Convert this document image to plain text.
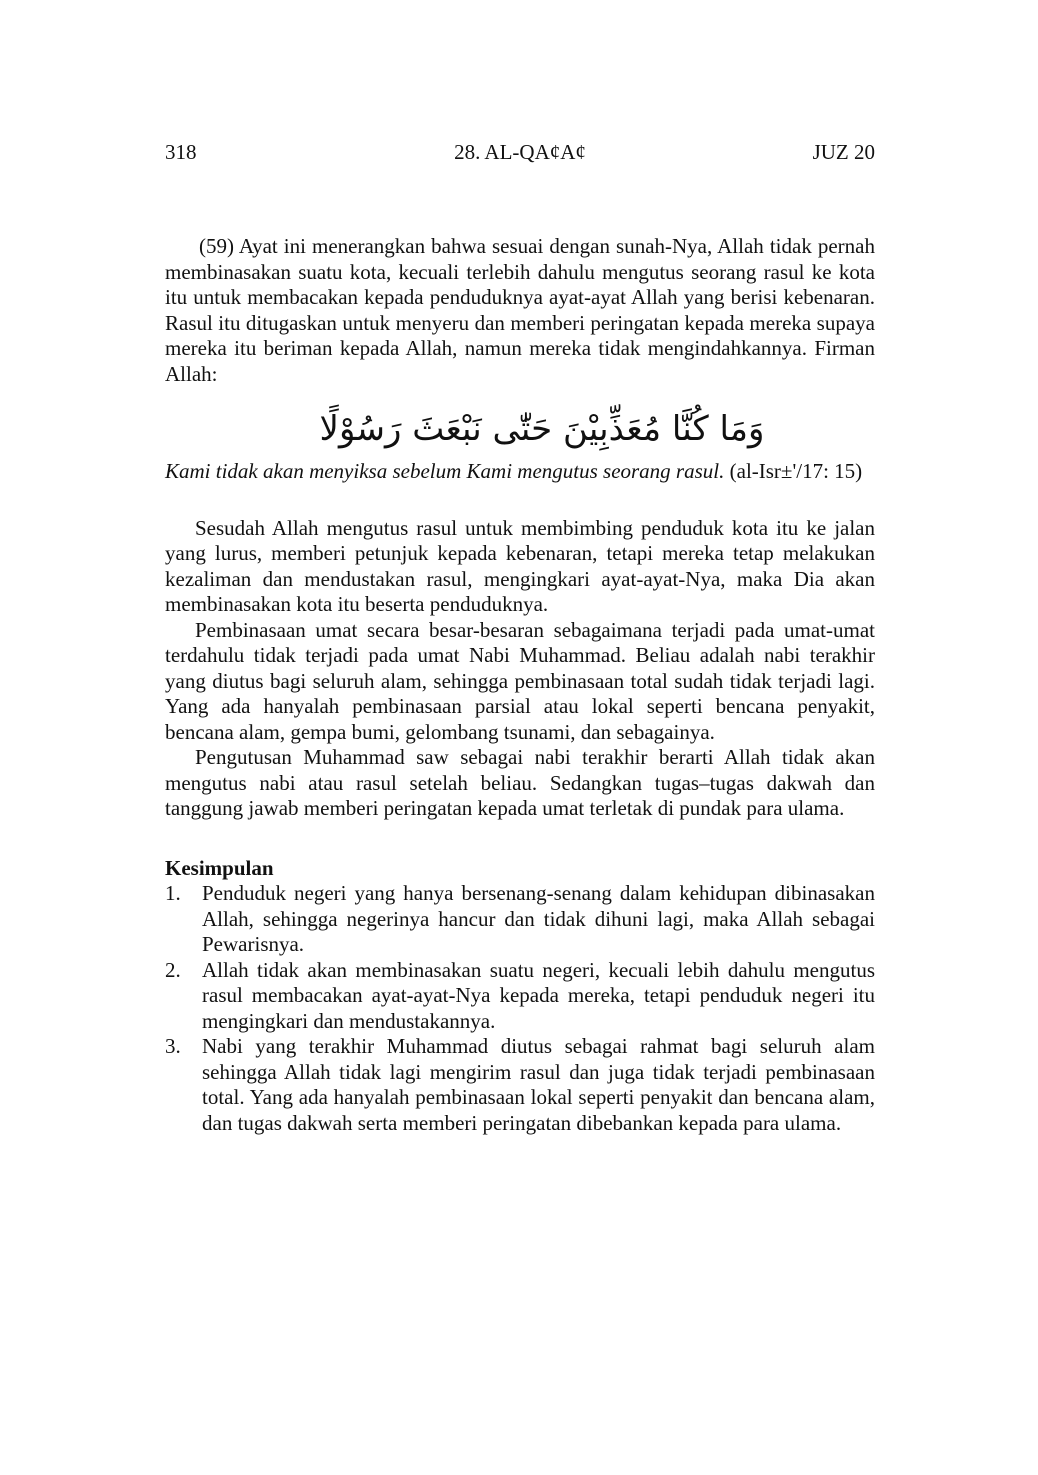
318	28. AL-QA¢A¢	JUZ 20

(59) Ayat ini menerangkan bahwa sesuai dengan sunah-Nya, Allah tidak pernah membinasakan suatu kota, kecuali terlebih dahulu mengutus seorang rasul ke kota itu untuk membacakan kepada penduduknya ayat-ayat Allah yang berisi kebenaran. Rasul itu ditugaskan untuk menyeru dan memberi peringatan kepada mereka supaya mereka itu beriman kepada Allah, namun mereka tidak mengindahkannya. Firman Allah:

وَمَا كُنَّا مُعَذِّبِيْنَ حَتّٰى نَبْعَثَ رَسُوْلًا

Kami tidak akan menyiksa sebelum Kami mengutus seorang rasul. (al-Isr±'/17: 15)

Sesudah Allah mengutus rasul untuk membimbing penduduk kota itu ke jalan yang lurus, memberi petunjuk kepada kebenaran, tetapi mereka tetap melakukan kezaliman dan mendustakan rasul, mengingkari ayat-ayat-Nya, maka Dia akan membinasakan kota itu beserta penduduknya.

Pembinasaan umat secara besar-besaran sebagaimana terjadi pada umat-umat terdahulu tidak terjadi pada umat Nabi Muhammad. Beliau adalah nabi terakhir yang diutus bagi seluruh alam, sehingga pembinasaan total sudah tidak terjadi lagi. Yang ada hanyalah pembinasaan parsial atau lokal seperti bencana penyakit, bencana alam, gempa bumi, gelombang tsunami, dan sebagainya.

Pengutusan Muhammad saw sebagai nabi terakhir berarti Allah tidak akan mengutus nabi atau rasul setelah beliau. Sedangkan tugas–tugas dakwah dan tanggung jawab memberi peringatan kepada umat terletak di pundak para ulama.

Kesimpulan
1. Penduduk negeri yang hanya bersenang-senang dalam kehidupan dibinasakan Allah, sehingga negerinya hancur dan tidak dihuni lagi, maka Allah sebagai Pewarisnya.
2. Allah tidak akan membinasakan suatu negeri, kecuali lebih dahulu mengutus rasul membacakan ayat-ayat-Nya kepada mereka, tetapi penduduk negeri itu mengingkari dan mendustakannya.
3. Nabi yang terakhir Muhammad diutus sebagai rahmat bagi seluruh alam sehingga Allah tidak lagi mengirim rasul dan juga tidak terjadi pembinasaan total. Yang ada hanyalah pembinasaan lokal seperti penyakit dan bencana alam, dan tugas dakwah serta memberi peringatan dibebankan kepada para ulama.
